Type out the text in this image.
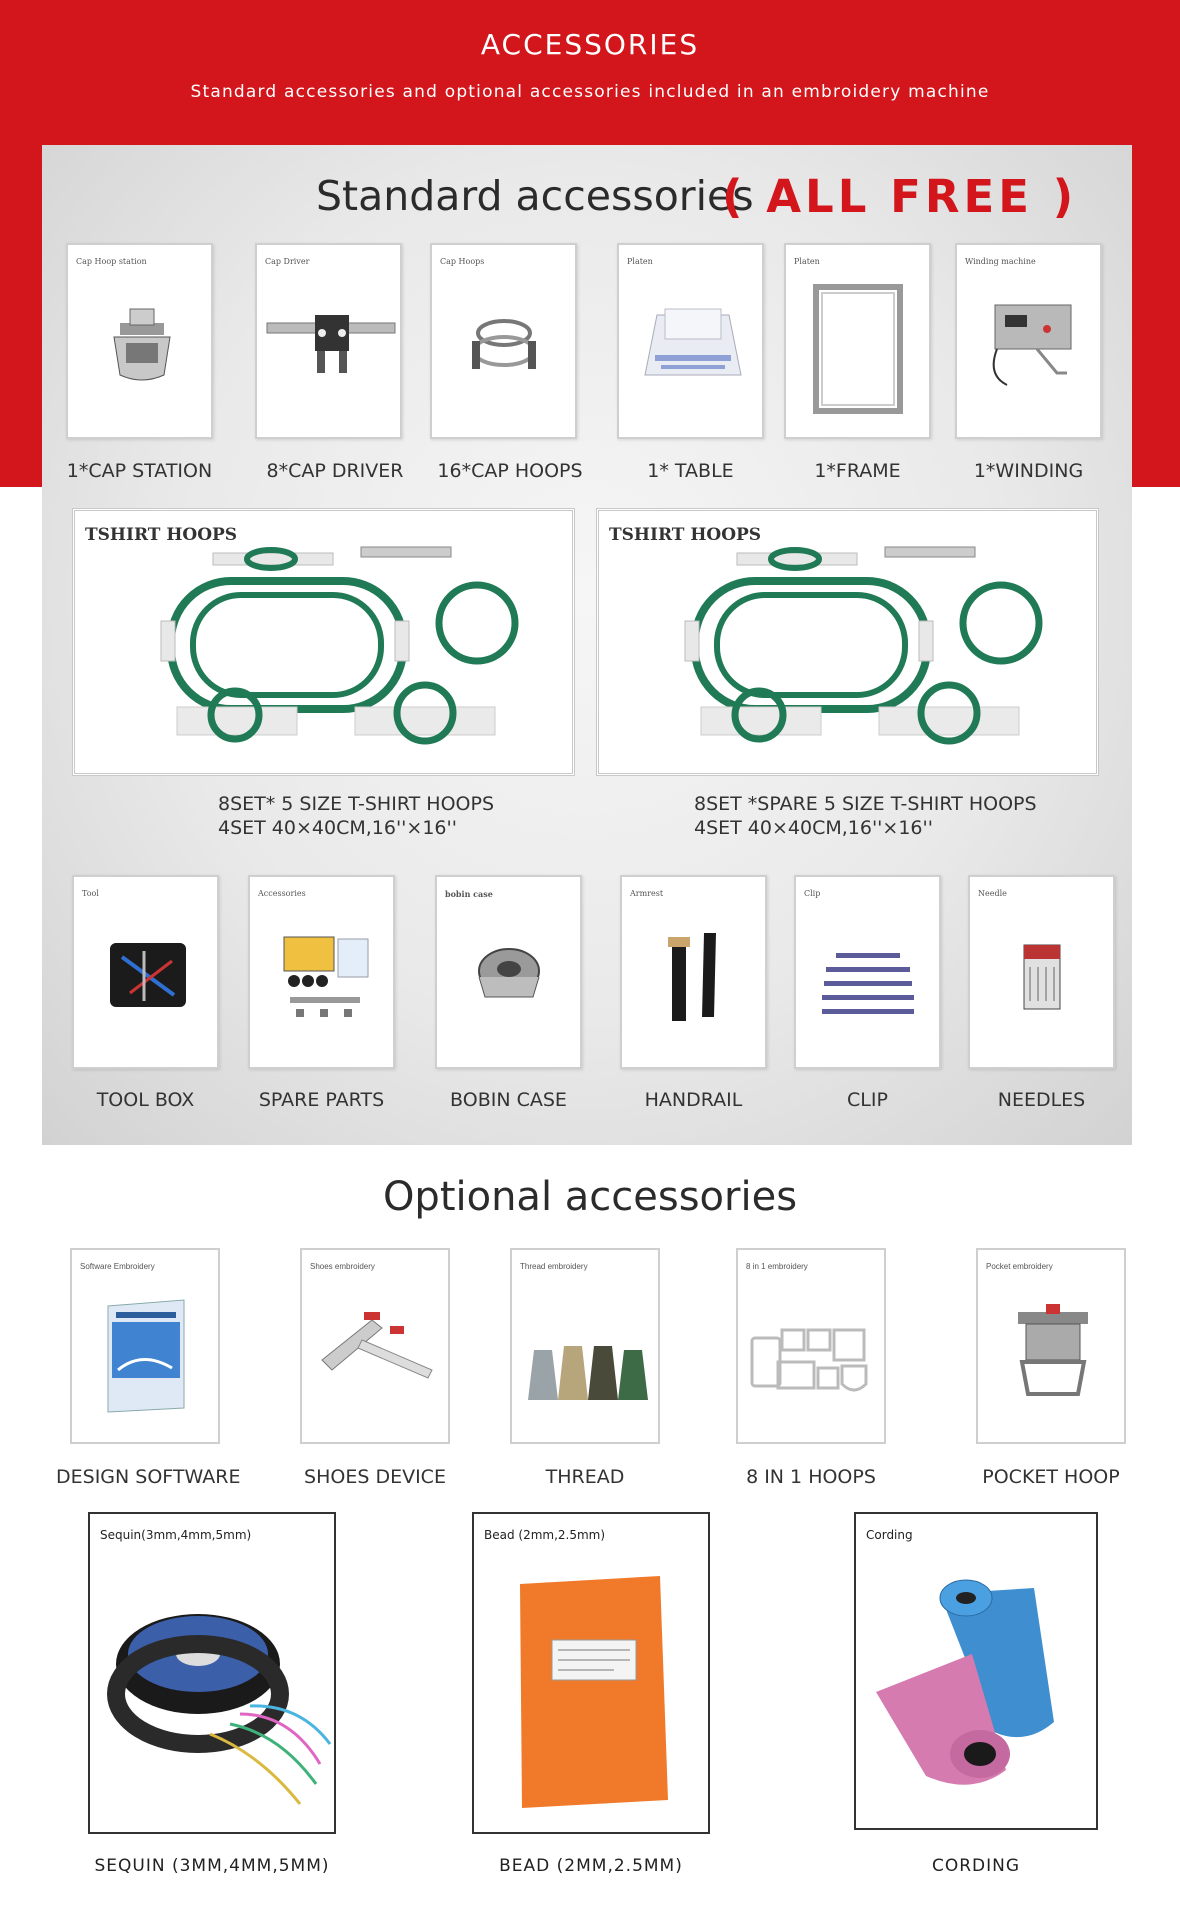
ACCESSORIES
Standard accessories and optional accessories included in an embroidery machine
Standard accessories
( ALL FREE )
Cap Hoop station
1*CAP STATION
Cap Driver
8*CAP DRIVER
Cap Hoops
16*CAP HOOPS
Platen
1* TABLE
Platen
1*FRAME
Winding machine
1*WINDING
TSHIRT HOOPS
8SET* 5 SIZE T-SHIRT HOOPS
4SET 40×40CM,16''×16''
TSHIRT HOOPS
8SET *SPARE 5 SIZE T-SHIRT HOOPS
4SET 40×40CM,16''×16''
Tool
TOOL BOX
Accessories
SPARE PARTS
bobin case
BOBIN CASE
Armrest
HANDRAIL
Clip
CLIP
Needle
NEEDLES
Optional accessories
Software Embroidery
DESIGN SOFTWARE
Shoes embroidery
SHOES DEVICE
Thread embroidery
THREAD
8 in 1 embroidery
8 IN 1 HOOPS
Pocket embroidery
POCKET HOOP
Sequin(3mm,4mm,5mm)
SEQUIN (3MM,4MM,5MM)
Bead (2mm,2.5mm)
BEAD (2MM,2.5MM)
Cording
CORDING
